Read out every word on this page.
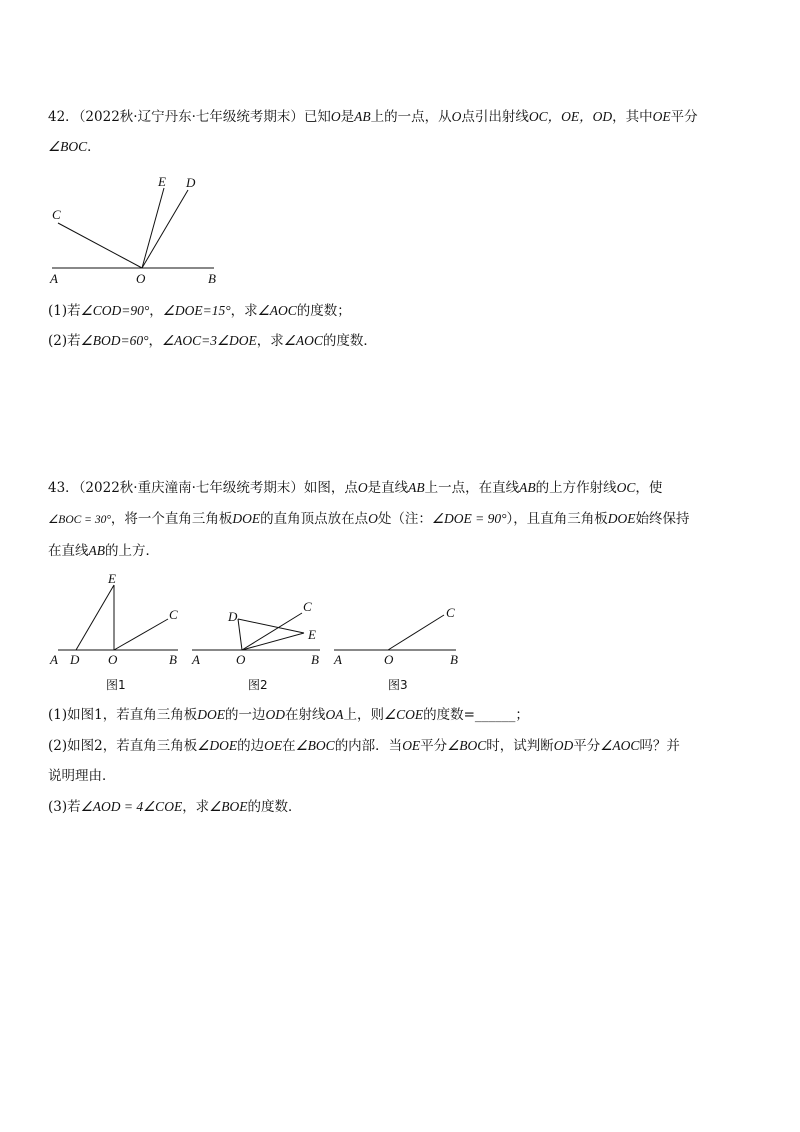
42．（2022秋·辽宁丹东·七年级统考期末）已知O是AB上的一点，从O点引出射线OC，OE，OD，其中OE平分
∠BOC．
A	O	B
C
E D
(1)若∠COD=90°，∠DOE=15°，求∠AOC的度数；
(2)若∠BOD=60°，∠AOC=3∠DOE，求∠AOC的度数．
43．（2022秋·重庆潼南·七年级统考期末）如图，点O是直线AB上一点，在直线AB的上方作射线OC，使
∠BOC = 30°，将一个直角三角板DOE的直角顶点放在点O处（注：∠DOE = 90°），且直角三角板DOE始终保持
在直线AB的上方．
A D O	B
E
C
图1
A	O	B
D
C
E
图2
A	O	B
C
图3
(1)如图1，若直角三角板DOE的一边OD在射线OA上，则∠COE的度数=______；
(2)如图2，若直角三角板∠DOE的边OE在∠BOC的内部．当OE平分∠BOC时，试判断OD平分∠AOC吗？并
说明理由．
(3)若∠AOD = 4∠COE，求∠BOE的度数．
